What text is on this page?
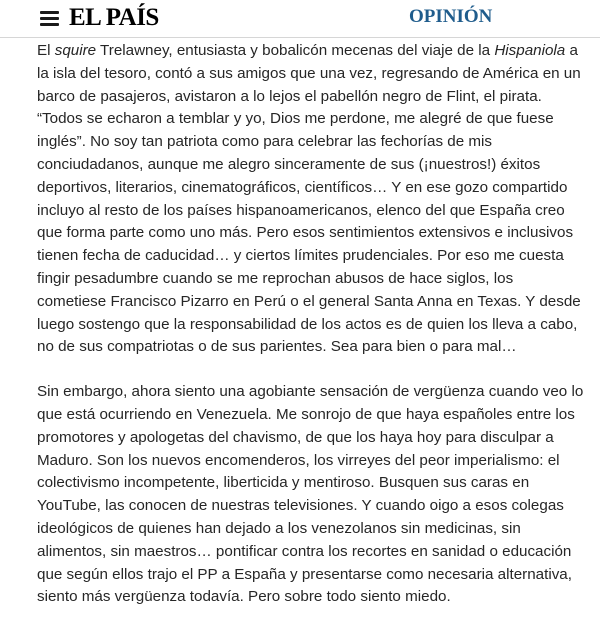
EL PAÍS	OPINIÓN

El squire Trelawney, entusiasta y bobalicón mecenas del viaje de la Hispaniola a la isla del tesoro, contó a sus amigos que una vez, regresando de América en un barco de pasajeros, avistaron a lo lejos el pabellón negro de Flint, el pirata. “Todos se echaron a temblar y yo, Dios me perdone, me alegré de que fuese inglés”. No soy tan patriota como para celebrar las fechorías de mis conciudadanos, aunque me alegro sinceramente de sus (¡nuestros!) éxitos deportivos, literarios, cinematográficos, científicos… Y en ese gozo compartido incluyo al resto de los países hispanoamericanos, elenco del que España creo que forma parte como uno más. Pero esos sentimientos extensivos e inclusivos tienen fecha de caducidad… y ciertos límites prudenciales. Por eso me cuesta fingir pesadumbre cuando se me reprochan abusos de hace siglos, los cometiese Francisco Pizarro en Perú o el general Santa Anna en Texas. Y desde luego sostengo que la responsabilidad de los actos es de quien los lleva a cabo, no de sus compatriotas o de sus parientes. Sea para bien o para mal…

Sin embargo, ahora siento una agobiante sensación de vergüenza cuando veo lo que está ocurriendo en Venezuela. Me sonrojo de que haya españoles entre los promotores y apologetas del chavismo, de que los haya hoy para disculpar a Maduro. Son los nuevos encomenderos, los virreyes del peor imperialismo: el colectivismo incompetente, liberticida y mentiroso. Busquen sus caras en YouTube, las conocen de nuestras televisiones. Y cuando oigo a esos colegas ideológicos de quienes han dejado a los venezolanos sin medicinas, sin alimentos, sin maestros… pontificar contra los recortes en sanidad o educación que según ellos trajo el PP a España y presentarse como necesaria alternativa, siento más vergüenza todavía. Pero sobre todo siento miedo.
